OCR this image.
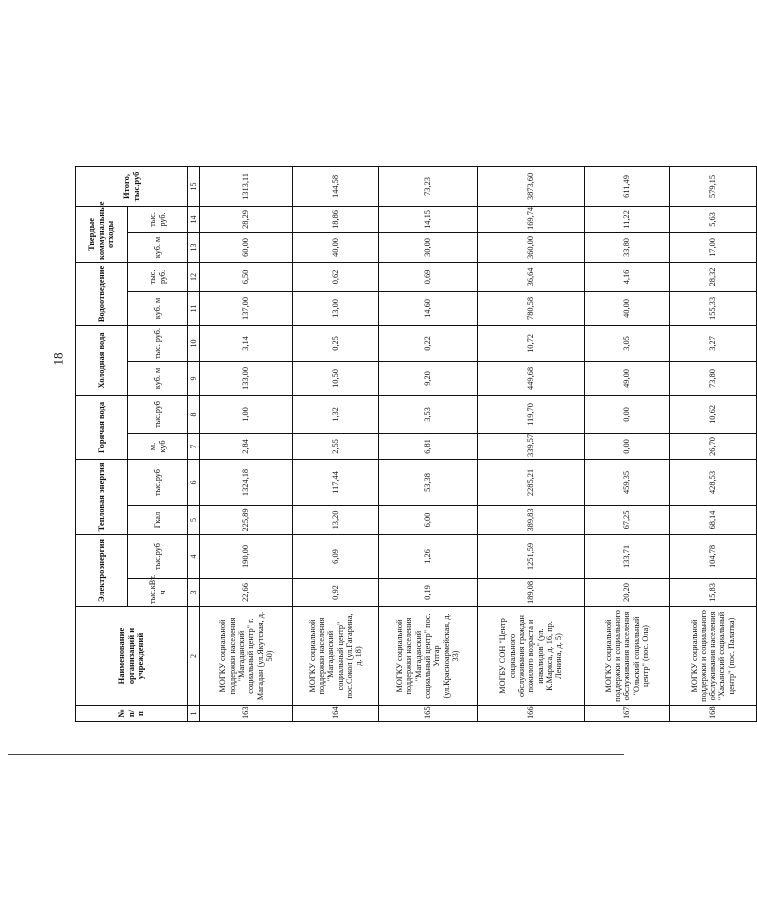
18
№ п/п	Наименование организаций и учреждений	Электроэнергия		Тепловая энергия		Горячая вода		Холодная вода		Водоотведение		Твердые коммунальные отходы		Итого, тыс.руб
		тыс.кВт. ч	тыс.руб	Гкал	тыс.руб	м. куб	тыс.руб	куб. м	тыс. руб.	куб. м	тыс. руб.	куб. м	тыс. руб.	
1	2	3	4	5	6	7	8	9	10	11	12	13	14	15
163	МОГКУ социальной поддержки населения "Магаданский социальный центр" г. Магадан (ул.Якутская, д. 50)	22,66	190,00	225,89	1324,18	2,84	1,00	133,00	3,14	137,00	6,50	60,00	28,29	1313,11
164	МОГКУ социальной поддержки населения "Магаданский социальный центр" пос.Сокол (ул.Гагарина, д. 18)	0,92	6,09	13,20	117,44	2,55	1,32	10,50	0,25	13,00	0,62	40,00	18,86	144,58
165	МОГКУ социальной поддержки населения "Магаданский социальный центр" пос. Уптар (ул.Красноармейская, д. 33)	0,19	1,26	6,00	53,38	6,81	3,53	9,20	0,22	14,60	0,69	30,00	14,15	73,23
166	МОГБУ СОН "Центр социального обслуживания граждан пожилого возраста и инвалидов" (ул. К.Маркса, д. 16, пр. Ленина, д. 5)	189,08	1251,59	389,83	2285,21	339,57	119,70	449,68	10,72	780,58	36,64	360,00	169,74	3873,60
167	МОГКУ социальной поддержки и социального обслуживания населения "Ольский социальный центр" (пос. Ола)	20,20	133,71	67,25	459,35	0,00	0,00	49,00	3,05	40,00	4,16	33,80	11,22	611,49
168	МОГКУ социальной поддержки и социального обслуживания населения "Хасынский социальный центр" (пос. Палатка)	15,83	104,78	68,14	428,53	26,70	10,62	73,80	3,27	155,33	28,32	17,00	5,63	579,15
